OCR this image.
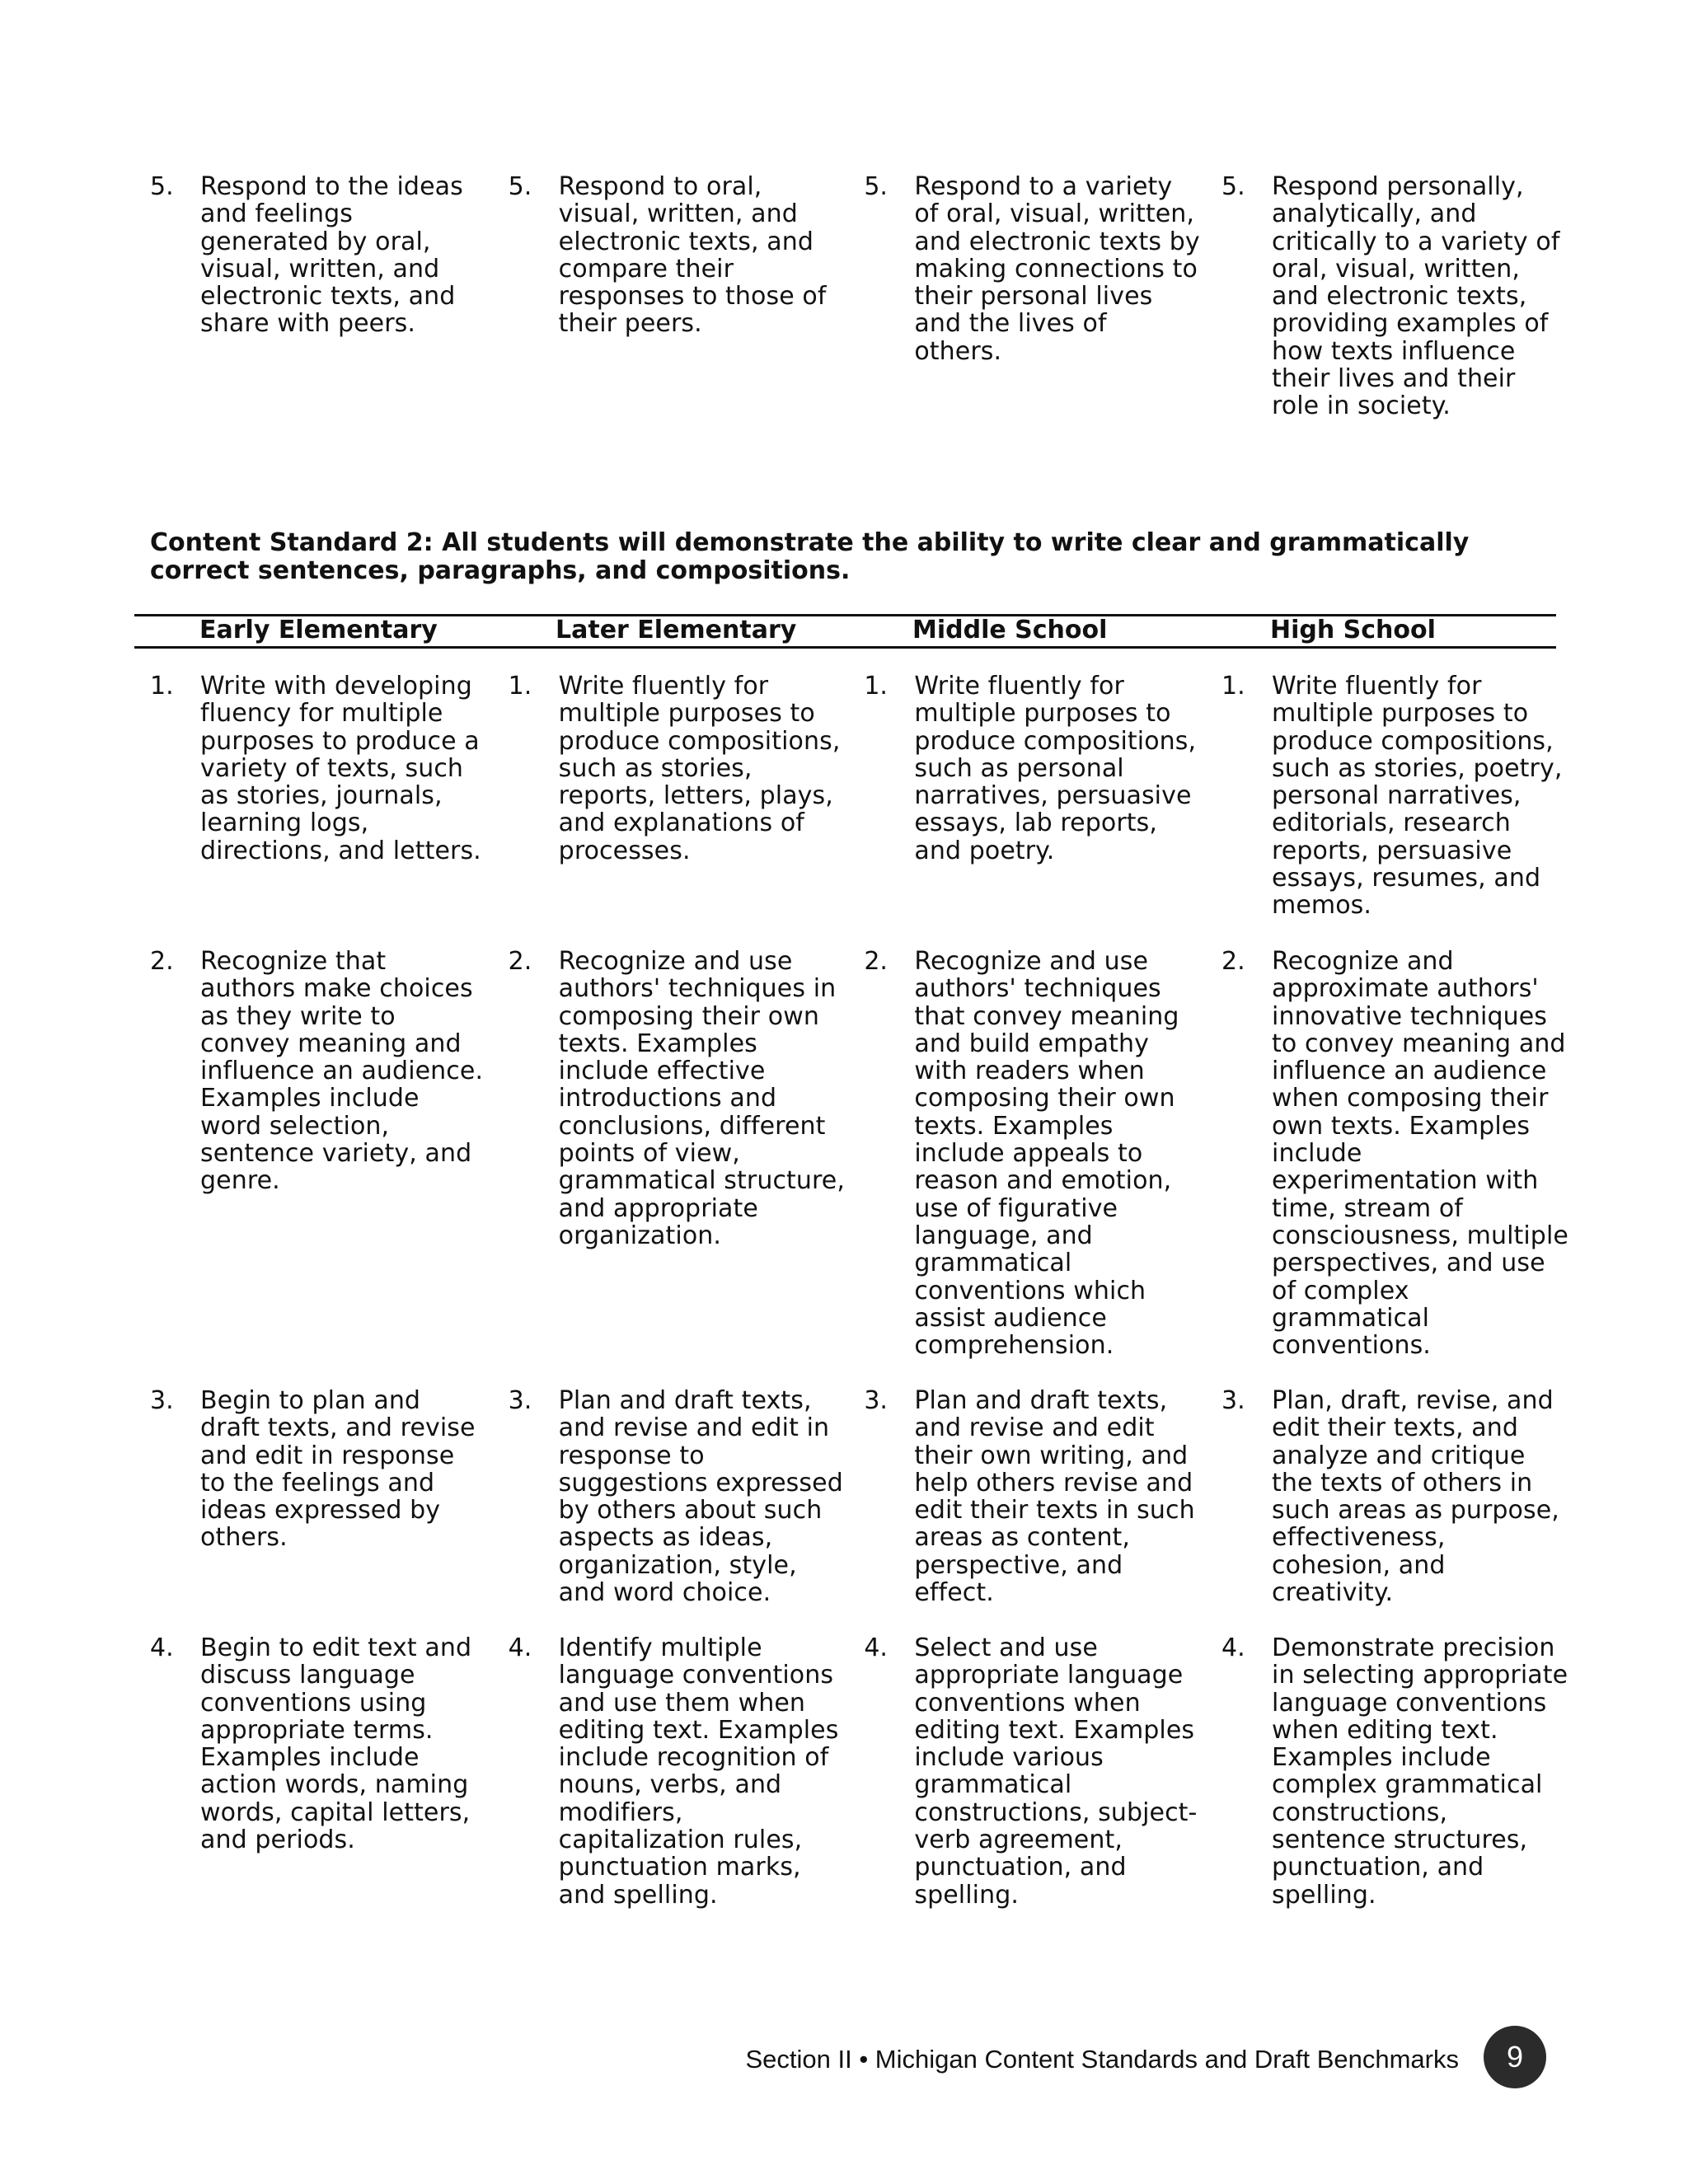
5.	Respond to the ideas and feelings generated by oral, visual, written, and electronic texts, and share with peers.
5.	Respond to oral, visual, written, and electronic texts, and compare their responses to those of their peers.
5.	Respond to a variety of oral, visual, written, and electronic texts by making connections to their personal lives and the lives of others.
5.	Respond personally, analytically, and critically to a variety of oral, visual, written, and electronic texts, providing examples of how texts influence their lives and their role in society.
Content Standard 2: All students will demonstrate the ability to write clear and grammatically correct sentences, paragraphs, and compositions.
Early Elementary	Later Elementary	Middle School	High School
1.	Write with developing fluency for multiple purposes to produce a variety of texts, such as stories, journals, learning logs, directions, and letters.
1.	Write fluently for multiple purposes to produce compositions, such as stories, reports, letters, plays, and explanations of processes.
1.	Write fluently for multiple purposes to produce compositions, such as personal narratives, persuasive essays, lab reports, and poetry.
1.	Write fluently for multiple purposes to produce compositions, such as stories, poetry, personal narratives, editorials, research reports, persuasive essays, resumes, and memos.
2.	Recognize that authors make choices as they write to convey meaning and influence an audience. Examples include word selection, sentence variety, and genre.
2.	Recognize and use authors' techniques in composing their own texts. Examples include effective introductions and conclusions, different points of view, grammatical structure, and appropriate organization.
2.	Recognize and use authors' techniques that convey meaning and build empathy with readers when composing their own texts. Examples include appeals to reason and emotion, use of figurative language, and grammatical conventions which assist audience comprehension.
2.	Recognize and approximate authors' innovative techniques to convey meaning and influence an audience when composing their own texts. Examples include experimentation with time, stream of consciousness, multiple perspectives, and use of complex grammatical conventions.
3.	Begin to plan and draft texts, and revise and edit in response to the feelings and ideas expressed by others.
3.	Plan and draft texts, and revise and edit in response to suggestions expressed by others about such aspects as ideas, organization, style, and word choice.
3.	Plan and draft texts, and revise and edit their own writing, and help others revise and edit their texts in such areas as content, perspective, and effect.
3.	Plan, draft, revise, and edit their texts, and analyze and critique the texts of others in such areas as purpose, effectiveness, cohesion, and creativity.
4.	Begin to edit text and discuss language conventions using appropriate terms. Examples include action words, naming words, capital letters, and periods.
4.	Identify multiple language conventions and use them when editing text. Examples include recognition of nouns, verbs, and modifiers, capitalization rules, punctuation marks, and spelling.
4.	Select and use appropriate language conventions when editing text. Examples include various grammatical constructions, subject-verb agreement, punctuation, and spelling.
4.	Demonstrate precision in selecting appropriate language conventions when editing text. Examples include complex grammatical constructions, sentence structures, punctuation, and spelling.
Section II • Michigan Content Standards and Draft Benchmarks	9
